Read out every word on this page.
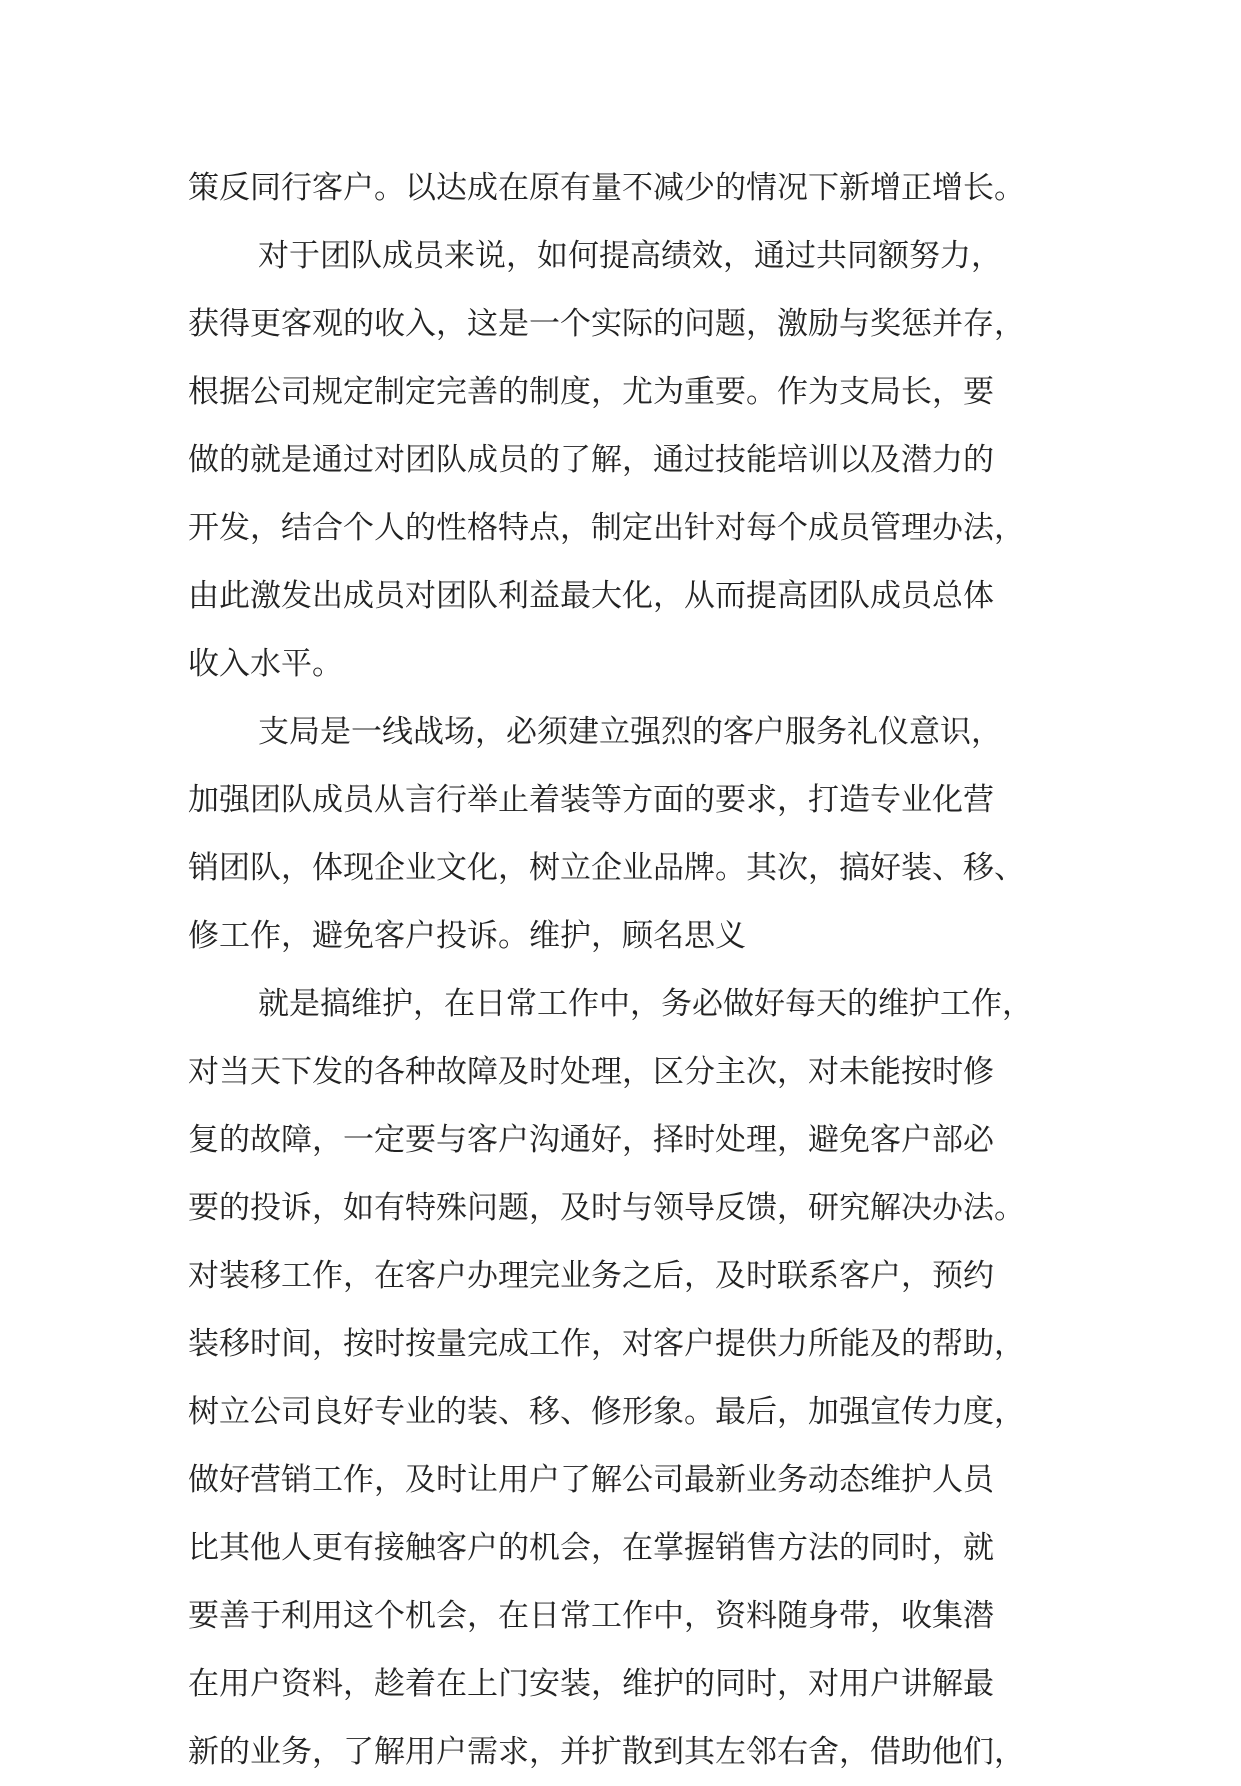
策反同行客户。以达成在原有量不减少的情况下新增正增长。
对于团队成员来说，如何提高绩效，通过共同额努力，
获得更客观的收入，这是一个实际的问题，激励与奖惩并存，
根据公司规定制定完善的制度，尤为重要。作为支局长，要
做的就是通过对团队成员的了解，通过技能培训以及潜力的
开发，结合个人的性格特点，制定出针对每个成员管理办法，
由此激发出成员对团队利益最大化，从而提高团队成员总体
收入水平。
支局是一线战场，必须建立强烈的客户服务礼仪意识，
加强团队成员从言行举止着装等方面的要求，打造专业化营
销团队，体现企业文化，树立企业品牌。其次，搞好装、移、
修工作，避免客户投诉。维护，顾名思义
就是搞维护，在日常工作中，务必做好每天的维护工作，
对当天下发的各种故障及时处理，区分主次，对未能按时修
复的故障，一定要与客户沟通好，择时处理，避免客户部必
要的投诉，如有特殊问题，及时与领导反馈，研究解决办法。
对装移工作，在客户办理完业务之后，及时联系客户，预约
装移时间，按时按量完成工作，对客户提供力所能及的帮助，
树立公司良好专业的装、移、修形象。最后，加强宣传力度，
做好营销工作，及时让用户了解公司最新业务动态维护人员
比其他人更有接触客户的机会，在掌握销售方法的同时，就
要善于利用这个机会，在日常工作中，资料随身带，收集潜
在用户资料，趁着在上门安装，维护的同时，对用户讲解最
新的业务，了解用户需求，并扩散到其左邻右舍，借助他们，
